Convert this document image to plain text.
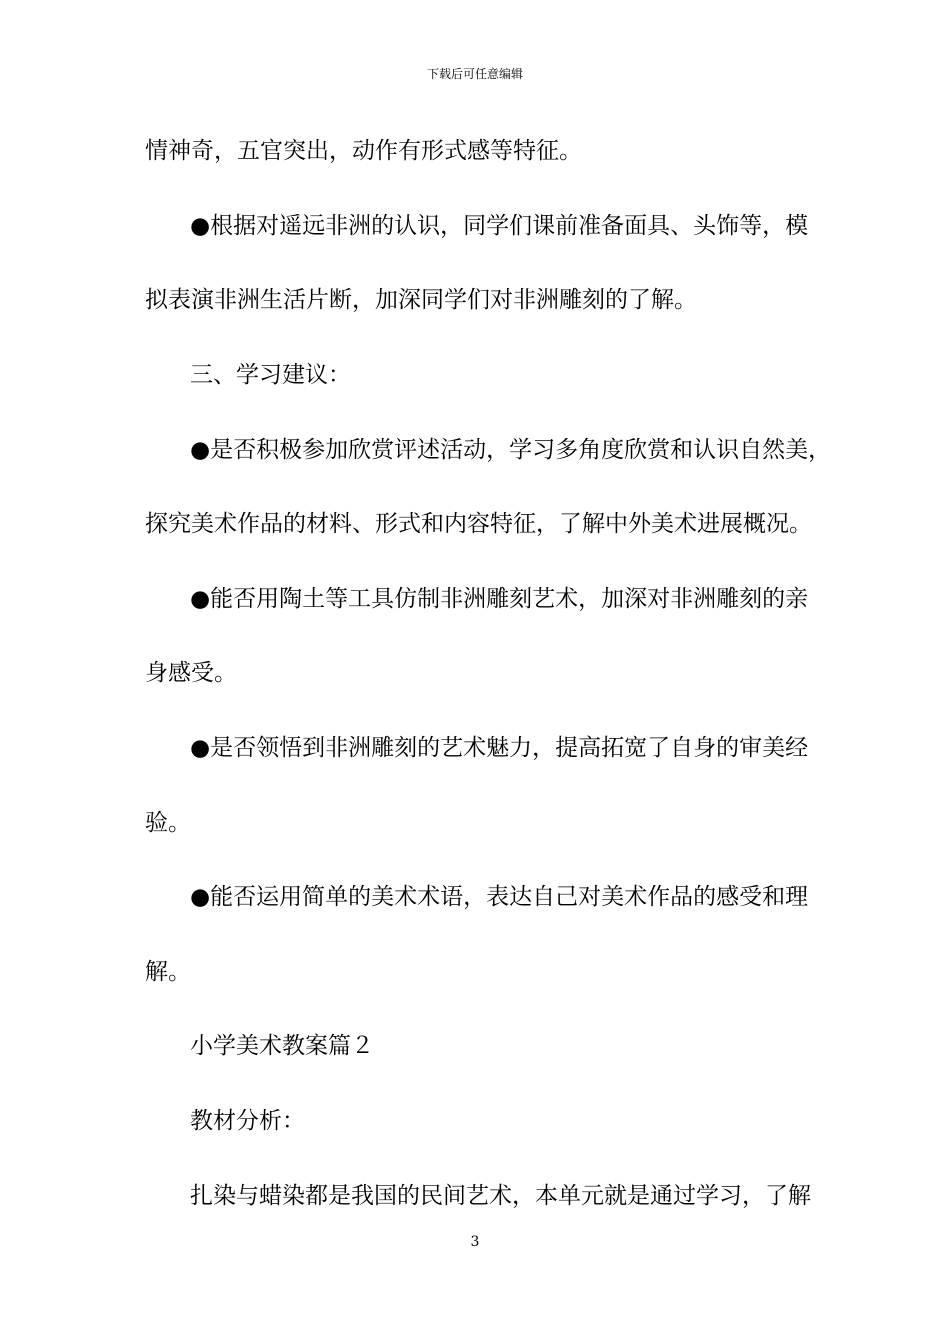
下载后可任意编辑
情神奇，五官突出，动作有形式感等特征。
●根据对遥远非洲的认识，同学们课前准备面具、头饰等，模
拟表演非洲生活片断，加深同学们对非洲雕刻的了解。
三、学习建议：
●是否积极参加欣赏评述活动，学习多角度欣赏和认识自然美，
探究美术作品的材料、形式和内容特征，了解中外美术进展概况。
●能否用陶土等工具仿制非洲雕刻艺术，加深对非洲雕刻的亲
身感受。
●是否领悟到非洲雕刻的艺术魅力，提高拓宽了自身的审美经
验。
●能否运用简单的美术术语，表达自己对美术作品的感受和理
解。
小学美术教案篇２
教材分析：
扎染与蜡染都是我国的民间艺术，本单元就是通过学习，了解
3
